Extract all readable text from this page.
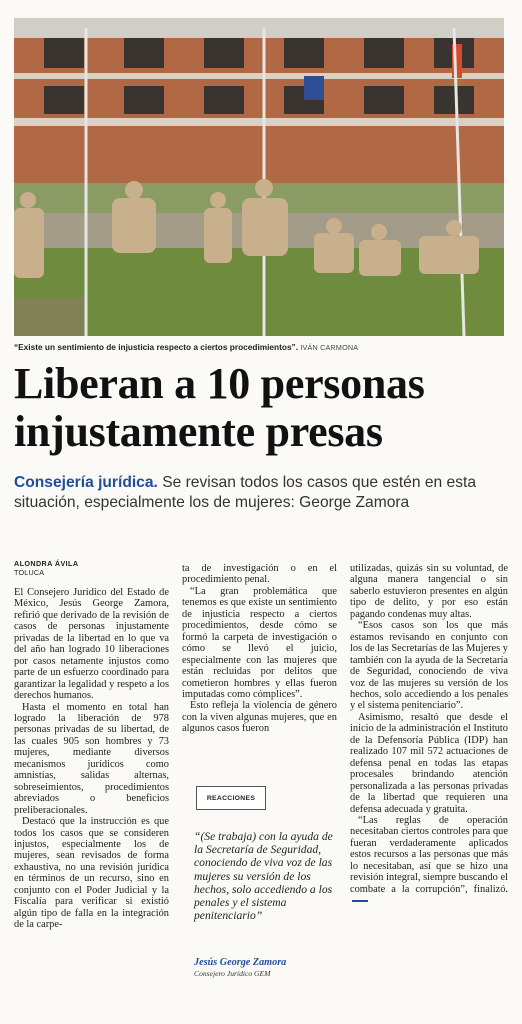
“Existe un sentimiento de injusticia respecto a ciertos procedimientos”. IVÁN CARMONA
Liberan a 10 personas injustamente presas

Consejería jurídica. Se revisan todos los casos que estén en esta situación, especialmente los de mujeres: George Zamora

ALONDRA ÁVILA
TOLUCA

El Consejero Jurídico del Estado de México, Jesús George Zamora, refirió que derivado de la revisión de casos de personas injustamente privadas de la libertad en lo que va del año han logrado 10 liberaciones por casos netamente injustos como parte de un esfuerzo coordinado para garantizar la legalidad y respeto a los derechos humanos.

Hasta el momento en total han logrado la liberación de 978 personas privadas de su libertad, de las cuales 905 son hombres y 73 mujeres, mediante diversos mecanismos jurídicos como amnistías, salidas alternas, sobreseimientos, procedimientos abreviados o beneficios preliberacionales.

Destacó que la instrucción es que todos los casos que se consideren injustos, especialmente los de mujeres, sean revisados de forma exhaustiva, no una revisión jurídica en términos de un recurso, sino en conjunto con el Poder Judicial y la Fiscalía para verificar si existió algún tipo de falla en la integración de la carpe-

ta de investigación o en el procedimiento penal.

“La gran problemática que tenemos es que existe un sentimiento de injusticia respecto a ciertos procedimientos, desde cómo se formó la carpeta de investigación o cómo se llevó el juicio, especialmente con las mujeres que están recluidas por delitos que cometieron hombres y ellas fueron imputadas como cómplices”.

Esto refleja la violencia de género con la viven algunas mujeres, que en algunos casos fueron

REACCIONES
“(Se trabaja) con la ayuda de la Secretaría de Seguridad, conociendo de viva voz de las mujeres su versión de los hechos, solo accediendo a los penales y el sistema penitenciario”
Jesús George Zamora
Consejero Jurídico GEM

utilizadas, quizás sin su voluntad, de alguna manera tangencial o sin saberlo estuvieron presentes en algún tipo de delito, y por eso están pagando condenas muy altas.

“Esos casos son los que más estamos revisando en conjunto con los de las Secretarías de las Mujeres y también con la ayuda de la Secretaría de Seguridad, conociendo de viva voz de las mujeres su versión de los hechos, solo accediendo a los penales y el sistema penitenciario”.

Asimismo, resaltó que desde el inicio de la administración el Instituto de la Defensoría Pública (IDP) han realizado 107 mil 572 actuaciones de defensa penal en todas las etapas procesales brindando atención personalizada a las personas privadas de la libertad que requieren una defensa adecuada y gratuita.

“Las reglas de operación necesitaban ciertos controles para que fueran verdaderamente aplicados estos recursos a las personas que más lo necesitaban, así que se hizo una revisión integral, siempre buscando el combate a la corrupción”, finalizó.
